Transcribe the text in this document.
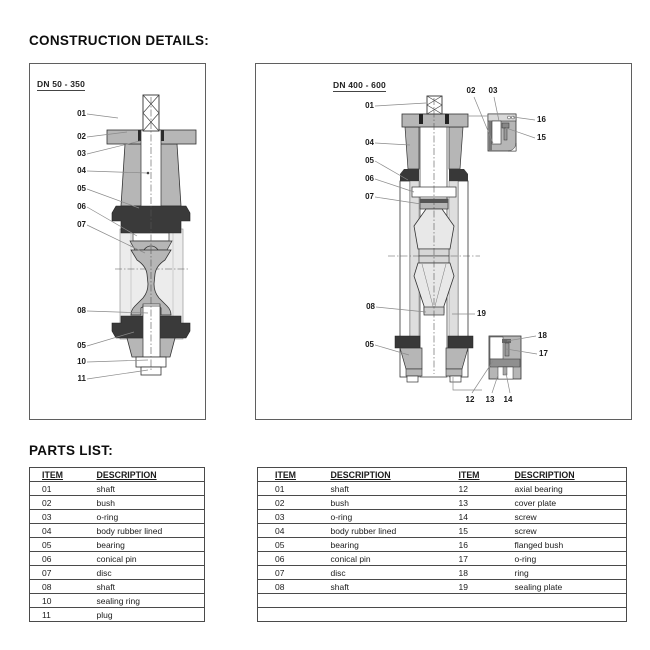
CONSTRUCTION DETAILS:
DN 50 - 350
01
02
03
04
05
06
07
08
05
10
11
DN 400 - 600
01
04
05
06
07
08
19
05
02	03
16
15
18
17
12	13	14
PARTS LIST:
ITEM	DESCRIPTION
01	shaft
02	bush
03	o-ring
04	body rubber lined
05	bearing
06	conical pin
07	disc
08	shaft
10	sealing ring
11	plug
ITEM	DESCRIPTION	ITEM	DESCRIPTION
01	shaft	12	axial bearing
02	bush	13	cover plate
03	o-ring	14	screw
04	body rubber lined	15	screw
05	bearing	16	flanged bush
06	conical pin	17	o-ring
07	disc	18	ring
08	shaft	19	sealing plate
